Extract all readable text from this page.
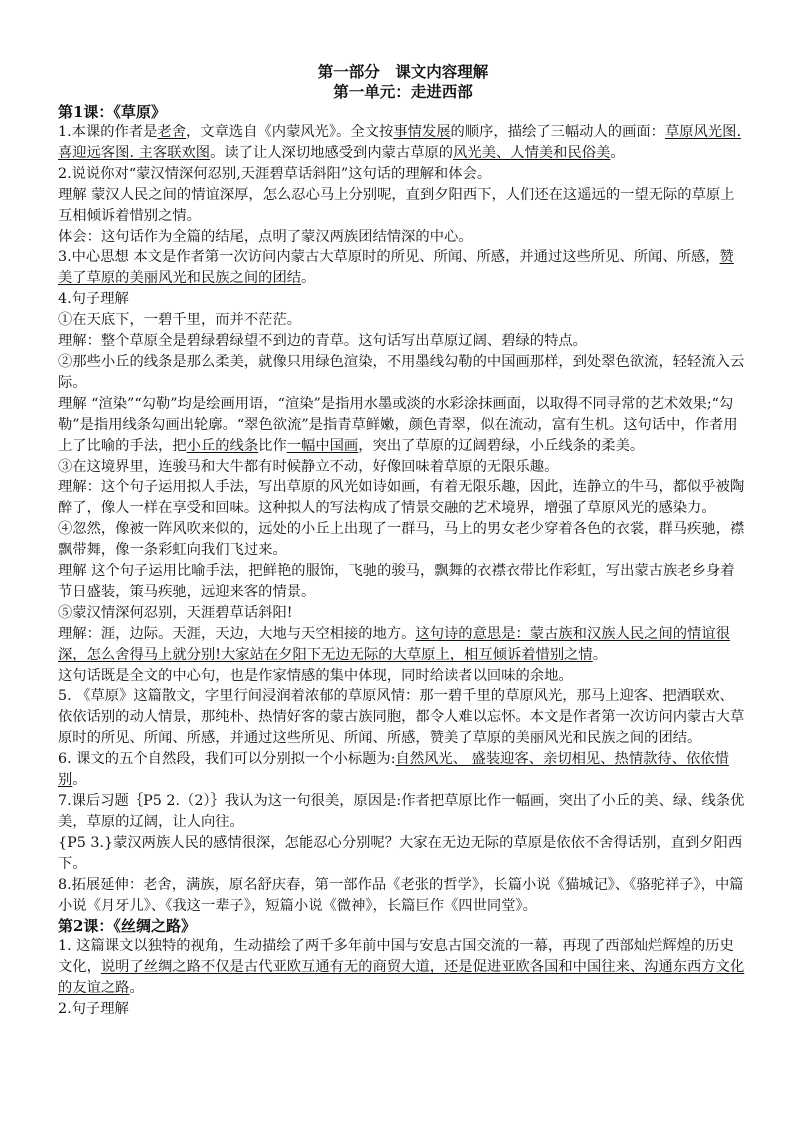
第一部分　课文内容理解
第一单元：走进西部
第1课：《草原》

1.本课的作者是老舍，文章选自《内蒙风光》。全文按事情发展的顺序，描绘了三幅动人的画面：草原风光图. 喜迎远客图. 主客联欢图。读了让人深切地感受到内蒙古草原的风光美、人情美和民俗美。

2.说说你对“蒙汉情深何忍别,天涯碧草话斜阳”这句话的理解和体会。

理解 蒙汉人民之间的情谊深厚，怎么忍心马上分别呢，直到夕阳西下，人们还在这遥远的一望无际的草原上互相倾诉着惜别之情。

体会：这句话作为全篇的结尾，点明了蒙汉两族团结情深的中心。

3.中心思想 本文是作者第一次访问内蒙古大草原时的所见、所闻、所感，并通过这些所见、所闻、所感，赞美了草原的美丽风光和民族之间的团结。

4.句子理解

①在天底下，一碧千里，而并不茫茫。

理解：整个草原全是碧绿碧绿望不到边的青草。这句话写出草原辽阔、碧绿的特点。

②那些小丘的线条是那么柔美，就像只用绿色渲染，不用墨线勾勒的中国画那样，到处翠色欲流，轻轻流入云际。

理解 “渲染”“勾勒”均是绘画用语，“渲染”是指用水墨或淡的水彩涂抹画面，以取得不同寻常的艺术效果;“勾勒”是指用线条勾画出轮廓。“翠色欲流”是指青草鲜嫩，颜色青翠，似在流动，富有生机。这句话中，作者用上了比喻的手法，把小丘的线条比作一幅中国画，突出了草原的辽阔碧绿，小丘线条的柔美。

③在这境界里，连骏马和大牛都有时候静立不动，好像回味着草原的无限乐趣。

理解：这个句子运用拟人手法，写出草原的风光如诗如画，有着无限乐趣，因此，连静立的牛马，都似乎被陶醉了，像人一样在享受和回味。这种拟人的写法构成了情景交融的艺术境界，增强了草原风光的感染力。

④忽然，像被一阵风吹来似的，远处的小丘上出现了一群马，马上的男女老少穿着各色的衣裳，群马疾驰，襟飘带舞，像一条彩虹向我们飞过来。

理解 这个句子运用比喻手法，把鲜艳的服饰，飞驰的骏马，飘舞的衣襟衣带比作彩虹，写出蒙古族老乡身着节日盛装，策马疾驰，远迎来客的情景。

⑤蒙汉情深何忍别，天涯碧草话斜阳!

理解：涯，边际。天涯，天边，大地与天空相接的地方。这句诗的意思是：蒙古族和汉族人民之间的情谊很深，怎么舍得马上就分别!大家站在夕阳下无边无际的大草原上，相互倾诉着惜别之情。

这句话既是全文的中心句，也是作家情感的集中体现，同时给读者以回味的余地。

5. 《草原》这篇散文，字里行间浸润着浓郁的草原风情：那一碧千里的草原风光，那马上迎客、把酒联欢、依依话别的动人情景，那纯朴、热情好客的蒙古族同胞，都令人难以忘怀。本文是作者第一次访问内蒙古大草原时的所见、所闻、所感，并通过这些所见、所闻、所感，赞美了草原的美丽风光和民族之间的团结。

6. 课文的五个自然段，我们可以分别拟一个小标题为:自然风光、 盛装迎客、亲切相见、热情款待、依依惜别。

7.课后习题｛P5 2.（2）｝我认为这一句很美，原因是:作者把草原比作一幅画，突出了小丘的美、绿、线条优美，草原的辽阔，让人向往。

{P5 3.}蒙汉两族人民的感情很深，怎能忍心分别呢？大家在无边无际的草原是依依不舍得话别，直到夕阳西下。

8.拓展延伸：老舍，满族，原名舒庆春，第一部作品《老张的哲学》，长篇小说《猫城记》、《骆驼祥子》，中篇小说《月牙儿》、《我这一辈子》，短篇小说《微神》，长篇巨作《四世同堂》。

第2课：《丝绸之路》

1. 这篇课文以独特的视角，生动描绘了两千多年前中国与安息古国交流的一幕，再现了西部灿烂辉煌的历史文化，说明了丝绸之路不仅是古代亚欧互通有无的商贸大道，还是促进亚欧各国和中国往来、沟通东西方文化的友谊之路。

2.句子理解
